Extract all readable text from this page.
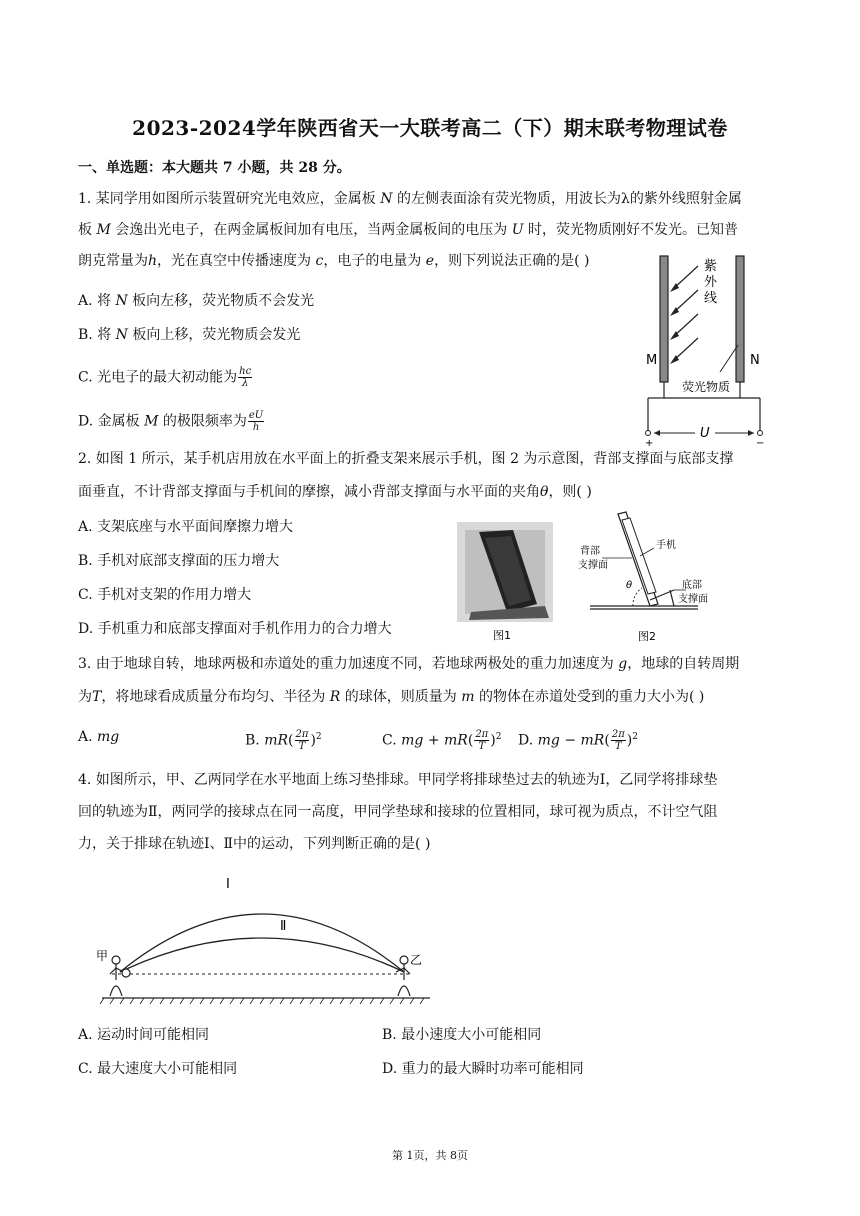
2023-2024学年陕西省天一大联考高二（下）期末联考物理试卷
一、单选题：本大题共 7 小题，共 28 分。
1. 某同学用如图所示装置研究光电效应，金属板 N 的左侧表面涂有荧光物质，用波长为λ的紫外线照射金属
板 M 会逸出光电子，在两金属板间加有电压，当两金属板间的电压为 U 时，荧光物质刚好不发光。已知普
朗克常量为h，光在真空中传播速度为 c，电子的电量为 e，则下列说法正确的是( )
A. 将 N 板向左移，荧光物质不会发光
B. 将 N 板向上移，荧光物质会发光
C. 光电子的最大初动能为 $\frac{hc}{\lambda}$
D. 金属板 M 的极限频率为 $\frac{eU}{h}$
紫
外
线
M	N
荧光物质
+	−
U
2. 如图 1 所示，某手机店用放在水平面上的折叠支架来展示手机，图 2 为示意图，背部支撑面与底部支撑
面垂直，不计背部支撑面与手机间的摩擦，减小背部支撑面与水平面的夹角θ，则( )
A. 支架底座与水平面间摩擦力增大
B. 手机对底部支撑面的压力增大
C. 手机对支架的作用力增大
D. 手机重力和底部支撑面对手机作用力的合力增大	图1
背部
支撑面
手机
θ	底部
支撑面
图2
3. 由于地球自转，地球两极和赤道处的重力加速度不同，若地球两极处的重力加速度为 g，地球的自转周期
为T，将地球看成质量分布均匀、半径为 R 的球体，则质量为 m 的物体在赤道处受到的重力大小为( )
A. mg	B. $mR( \frac{2\pi}{T} )^2$	C. mg + $mR( \frac{2\pi}{T} )^2$ D. mg − $mR( \frac{2\pi}{T} )^2$
4. 如图所示，甲、乙两同学在水平地面上练习垫排球。甲同学将排球垫过去的轨迹为Ⅰ，乙同学将排球垫
回的轨迹为Ⅱ，两同学的接球点在同一高度，甲同学垫球和接球的位置相同，球可视为质点，不计空气阻
力，关于排球在轨迹Ⅰ、Ⅱ中的运动，下列判断正确的是( )
Ⅰ
Ⅱ
甲	乙
A. 运动时间可能相同	B. 最小速度大小可能相同
C. 最大速度大小可能相同	D. 重力的最大瞬时功率可能相同
第 1页，共 8页
